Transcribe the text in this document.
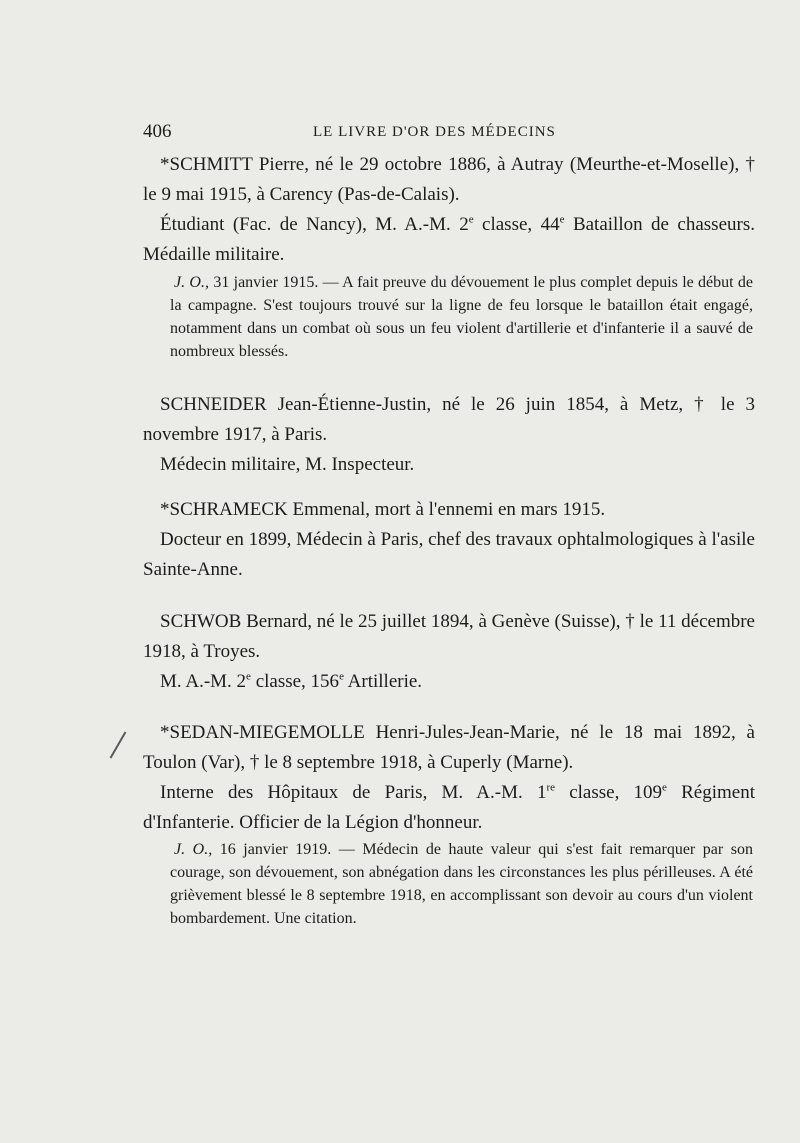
406	LE LIVRE D'OR DES MÉDECINS

*SCHMITT Pierre, né le 29 octobre 1886, à Autray (Meurthe-et-Moselle), † le 9 mai 1915, à Carency (Pas-de-Calais).

Étudiant (Fac. de Nancy), M. A.-M. 2e classe, 44e Bataillon de chasseurs. Médaille militaire.

J. O., 31 janvier 1915. — A fait preuve du dévouement le plus complet depuis le début de la campagne. S'est toujours trouvé sur la ligne de feu lorsque le bataillon était engagé, notamment dans un combat où sous un feu violent d'artillerie et d'infanterie il a sauvé de nombreux blessés.

SCHNEIDER Jean-Étienne-Justin, né le 26 juin 1854, à Metz, † le 3 novembre 1917, à Paris.

Médecin militaire, M. Inspecteur.

*SCHRAMECK Emmenal, mort à l'ennemi en mars 1915.

Docteur en 1899, Médecin à Paris, chef des travaux ophtalmologiques à l'asile Sainte-Anne.

SCHWOB Bernard, né le 25 juillet 1894, à Genève (Suisse), † le 11 décembre 1918, à Troyes.

M. A.-M. 2e classe, 156e Artillerie.

*SEDAN-MIEGEMOLLE Henri-Jules-Jean-Marie, né le 18 mai 1892, à Toulon (Var), † le 8 septembre 1918, à Cuperly (Marne).

Interne des Hôpitaux de Paris, M. A.-M. 1re classe, 109e Régiment d'Infanterie. Officier de la Légion d'honneur.

J. O., 16 janvier 1919. — Médecin de haute valeur qui s'est fait remarquer par son courage, son dévouement, son abnégation dans les circonstances les plus périlleuses. A été grièvement blessé le 8 septembre 1918, en accomplissant son devoir au cours d'un violent bombardement. Une citation.
